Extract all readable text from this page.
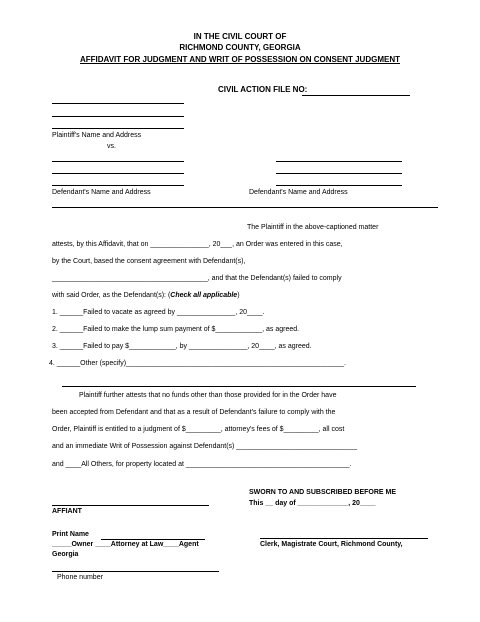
IN THE CIVIL COURT OF
RICHMOND COUNTY, GEORGIA
AFFIDAVIT FOR JUDGMENT AND WRIT OF POSSESSION ON CONSENT JUDGMENT
CIVIL ACTION FILE NO:
Plaintiff's Name and Address
vs.
Defendant's Name and Address	Defendant's Name and Address
The Plaintiff in the above-captioned matter
attests, by this Affidavit, that on _______________, 20___, an Order was entered in this case,
by the Court, based the consent agreement with Defendant(s),
________________________________________, and that the Defendant(s) failed to comply
with said Order, as the Defendant(s): (Check all applicable)
1. ______Failed to vacate as agreed by _______________, 20____.
2. ______Failed to make the lump sum payment of $____________, as agreed.
3. ______Failed to pay $____________, by _______________, 20____, as agreed.
4. ______Other (specify)________________________________________________________.
Plaintiff further attests that no funds other than those provided for in the Order have
been accepted from Defendant and that as a result of Defendant's failure to comply with the
Order, Plaintiff is entitled to a judgment of $_________, attorney's fees of $_________, all cost
and an immediate Writ of Possession against Defendant(s) _______________________________
and ____All Others, for property located at __________________________________________.
AFFIANT
Print Name
_____Owner ____Attorney at Law____Agent
Georgia
Phone number
SWORN TO AND SUBSCRIBED BEFORE ME
This __ day of _____________, 20____
Clerk, Magistrate Court, Richmond County,
